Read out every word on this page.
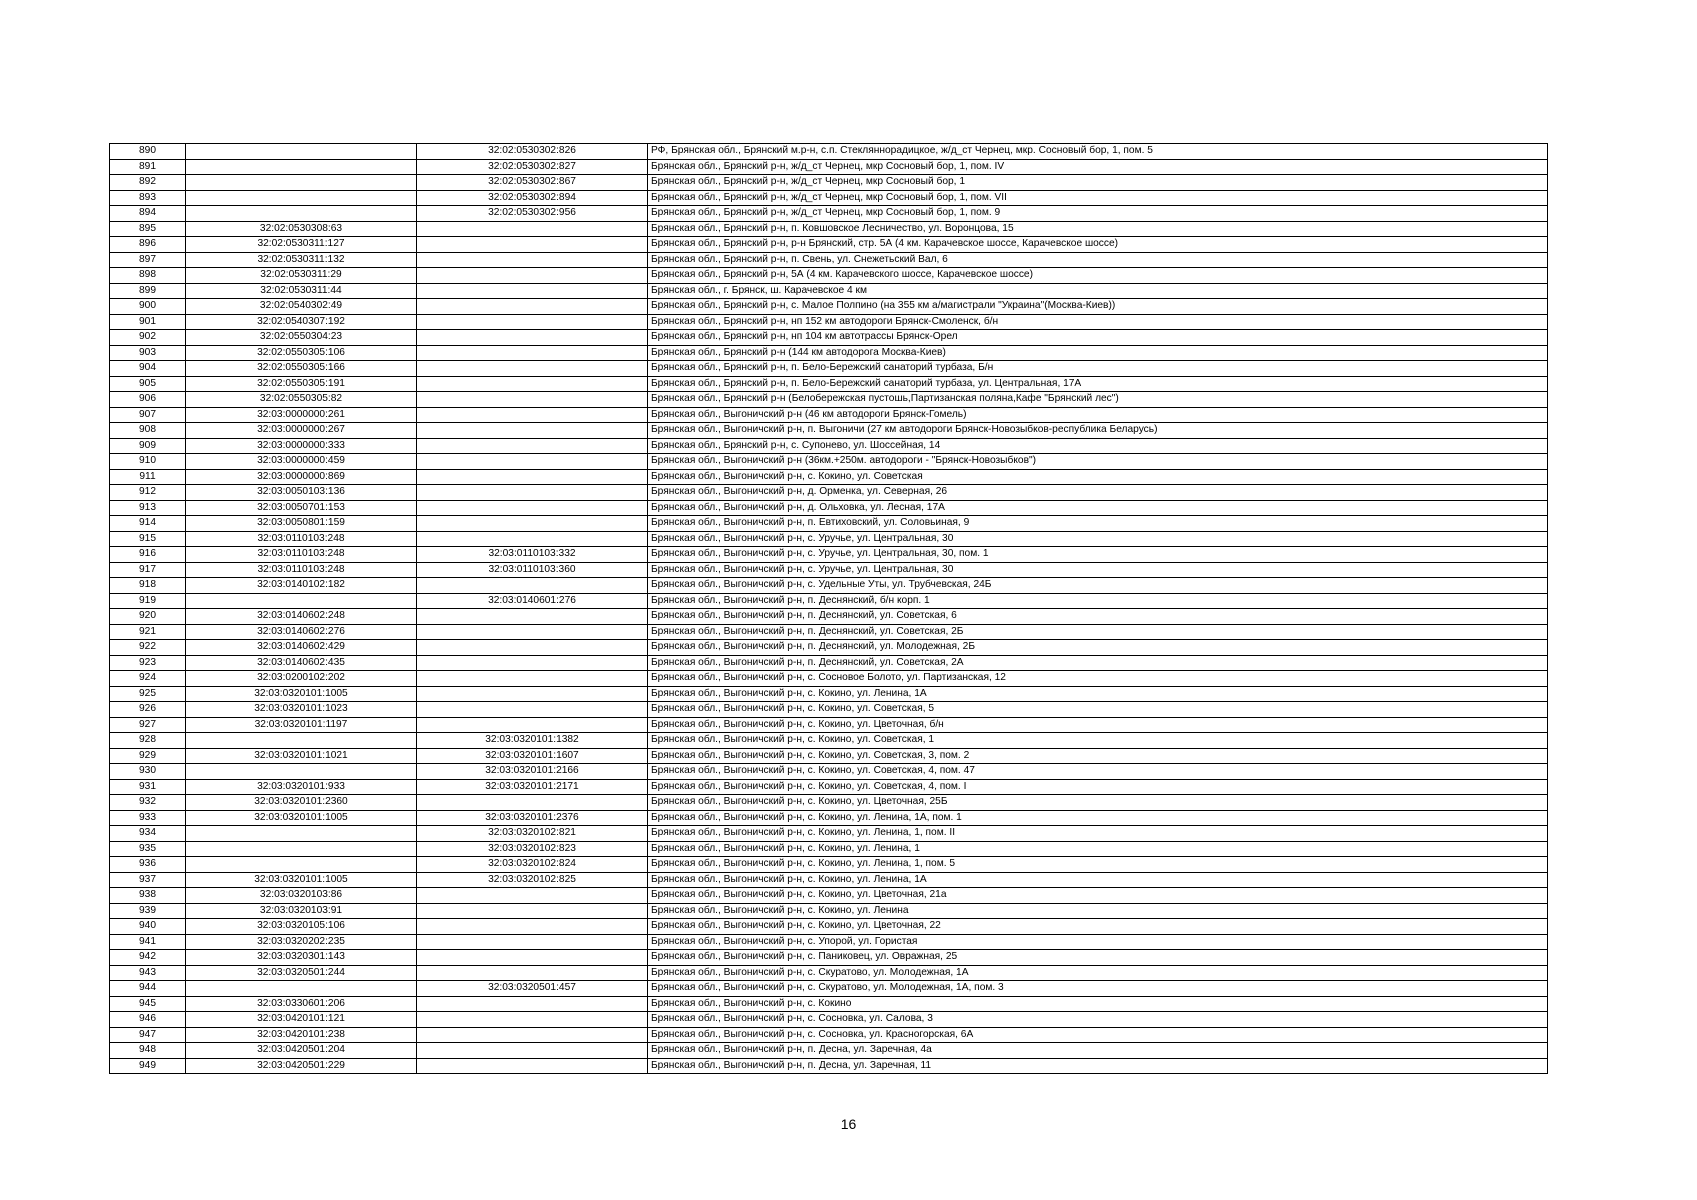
890		32:02:0530302:826	РФ, Брянская обл., Брянский м.р-н, с.п. Стеклянноpадицкое, ж/д_ст Чернец, мкр. Сосновый бор, 1, пом. 5
891		32:02:0530302:827	Брянская обл., Брянский р-н, ж/д_ст Чернец, мкр Сосновый бор, 1, пом. IV
892		32:02:0530302:867	Брянская обл., Брянский р-н, ж/д_ст Чернец, мкр Сосновый бор, 1
893		32:02:0530302:894	Брянская обл., Брянский р-н, ж/д_ст Чернец, мкр Сосновый бор, 1, пом. VII
894		32:02:0530302:956	Брянская обл., Брянский р-н, ж/д_ст Чернец, мкр Сосновый бор, 1, пом. 9
895	32:02:0530308:63		Брянская обл., Брянский р-н, п. Ковшовское Лесничество, ул. Воронцова, 15
896	32:02:0530311:127		Брянская обл., Брянский р-н, р-н Брянский, стр. 5А (4 км. Карачевское шоссе, Карачевское шоссе)
897	32:02:0530311:132		Брянская обл., Брянский р-н, п. Свень, ул. Снежетьский Вал, 6
898	32:02:0530311:29		Брянская обл., Брянский р-н, 5А (4 км. Карачевского шоссе, Карачевское шоссе)
899	32:02:0530311:44		Брянская обл., г. Брянск, ш. Карачевское 4 км
900	32:02:0540302:49		Брянская обл., Брянский р-н, с. Малое Полпино (на 355 км а/магистрали "Украина"(Москва-Киев))
901	32:02:0540307:192		Брянская обл., Брянский р-н, нп 152 км автодороги Брянск-Смоленск, б/н
902	32:02:0550304:23		Брянская обл., Брянский р-н, нп 104 км автотрассы Брянск-Орел
903	32:02:0550305:106		Брянская обл., Брянский р-н (144 км автодорога Москва-Киев)
904	32:02:0550305:166		Брянская обл., Брянский р-н, п. Бело-Бережский санаторий турбаза, Б/н
905	32:02:0550305:191		Брянская обл., Брянский р-н, п. Бело-Бережский санаторий турбаза, ул. Центральная, 17А
906	32:02:0550305:82		Брянская обл., Брянский р-н (Белобережская пустошь,Партизанская поляна,Кафе "Брянский лес")
907	32:03:0000000:261		Брянская обл., Выгоничский р-н (46 км автодороги Брянск-Гомель)
908	32:03:0000000:267		Брянская обл., Выгоничский р-н, п. Выгоничи (27 км автодороги Брянск-Новозыбков-республика Беларусь)
909	32:03:0000000:333		Брянская обл., Брянский р-н, с. Супонево, ул. Шоссейная, 14
910	32:03:0000000:459		Брянская обл., Выгоничский р-н (36км.+250м. автодороги - "Брянск-Новозыбков")
911	32:03:0000000:869		Брянская обл., Выгоничский р-н, с. Кокино, ул. Советская
912	32:03:0050103:136		Брянская обл., Выгоничский р-н, д. Орменка, ул. Северная, 26
913	32:03:0050701:153		Брянская обл., Выгоничский р-н, д. Ольховка, ул. Лесная, 17А
914	32:03:0050801:159		Брянская обл., Выгоничский р-н, п. Евтиховский, ул. Соловьиная, 9
915	32:03:0110103:248		Брянская обл., Выгоничский р-н, с. Уручье, ул. Центральная, 30
916	32:03:0110103:248	32:03:0110103:332	Брянская обл., Выгоничский р-н, с. Уручье, ул. Центральная, 30, пом. 1
917	32:03:0110103:248	32:03:0110103:360	Брянская обл., Выгоничский р-н, с. Уручье, ул. Центральная, 30
918	32:03:0140102:182		Брянская обл., Выгоничский р-н, с. Удельные Уты, ул. Трубчевская, 24Б
919		32:03:0140601:276	Брянская обл., Выгоничский р-н, п. Деснянский, б/н корп. 1
920	32:03:0140602:248		Брянская обл., Выгоничский р-н, п. Деснянский, ул. Советская, 6
921	32:03:0140602:276		Брянская обл., Выгоничский р-н, п. Деснянский, ул. Советская, 2Б
922	32:03:0140602:429		Брянская обл., Выгоничский р-н, п. Деснянский, ул. Молодежная, 2Б
923	32:03:0140602:435		Брянская обл., Выгоничский р-н, п. Деснянский, ул. Советская, 2А
924	32:03:0200102:202		Брянская обл., Выгоничский р-н, с. Сосновое Болото, ул. Партизанская, 12
925	32:03:0320101:1005		Брянская обл., Выгоничский р-н, с. Кокино, ул. Ленина, 1А
926	32:03:0320101:1023		Брянская обл., Выгоничский р-н, с. Кокино, ул. Советская, 5
927	32:03:0320101:1197		Брянская обл., Выгоничский р-н, с. Кокино, ул. Цветочная, б/н
928		32:03:0320101:1382	Брянская обл., Выгоничский р-н, с. Кокино, ул. Советская, 1
929	32:03:0320101:1021	32:03:0320101:1607	Брянская обл., Выгоничский р-н, с. Кокино, ул. Советская, 3, пом. 2
930		32:03:0320101:2166	Брянская обл., Выгоничский р-н, с. Кокино, ул. Советская, 4, пом. 47
931	32:03:0320101:933	32:03:0320101:2171	Брянская обл., Выгоничский р-н, с. Кокино, ул. Советская, 4, пом. I
932	32:03:0320101:2360		Брянская обл., Выгоничский р-н, с. Кокино, ул. Цветочная, 25Б
933	32:03:0320101:1005	32:03:0320101:2376	Брянская обл., Выгоничский р-н, с. Кокино, ул. Ленина, 1А, пом. 1
934		32:03:0320102:821	Брянская обл., Выгоничский р-н, с. Кокино, ул. Ленина, 1, пом. II
935		32:03:0320102:823	Брянская обл., Выгоничский р-н, с. Кокино, ул. Ленина, 1
936		32:03:0320102:824	Брянская обл., Выгоничский р-н, с. Кокино, ул. Ленина, 1, пом. 5
937	32:03:0320101:1005	32:03:0320102:825	Брянская обл., Выгоничский р-н, с. Кокино, ул. Ленина, 1А
938	32:03:0320103:86		Брянская обл., Выгоничский р-н, с. Кокино, ул. Цветочная, 21а
939	32:03:0320103:91		Брянская обл., Выгоничский р-н, с. Кокино, ул. Ленина
940	32:03:0320105:106		Брянская обл., Выгоничский р-н, с. Кокино, ул. Цветочная, 22
941	32:03:0320202:235		Брянская обл., Выгоничский р-н, с. Упорой, ул. Гористая
942	32:03:0320301:143		Брянская обл., Выгоничский р-н, с. Паниковец, ул. Овражная, 25
943	32:03:0320501:244		Брянская обл., Выгоничский р-н, с. Скуратово, ул. Молодежная, 1А
944		32:03:0320501:457	Брянская обл., Выгоничский р-н, с. Скуратово, ул. Молодежная, 1А, пом. 3
945	32:03:0330601:206		Брянская обл., Выгоничский р-н, с. Кокино
946	32:03:0420101:121		Брянская обл., Выгоничский р-н, с. Сосновка, ул. Салова, 3
947	32:03:0420101:238		Брянская обл., Выгоничский р-н, с. Сосновка, ул. Красногорская, 6А
948	32:03:0420501:204		Брянская обл., Выгоничский р-н, п. Десна, ул. Заречная, 4а
949	32:03:0420501:229		Брянская обл., Выгоничский р-н, п. Десна, ул. Заречная, 11
16
